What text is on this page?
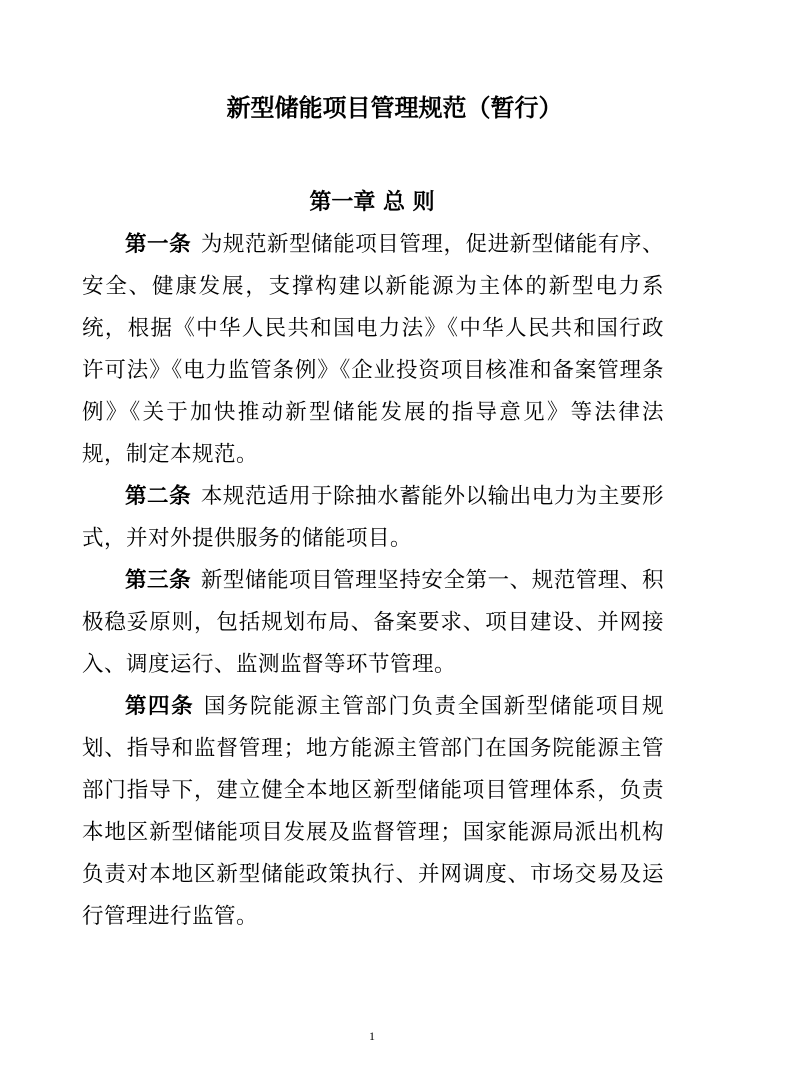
新型储能项目管理规范（暂行）
第一章 总 则

第一条 为规范新型储能项目管理，促进新型储能有序、安全、健康发展，支撑构建以新能源为主体的新型电力系统，根据《中华人民共和国电力法》《中华人民共和国行政许可法》《电力监管条例》《企业投资项目核准和备案管理条例》《关于加快推动新型储能发展的指导意见》等法律法规，制定本规范。

第二条 本规范适用于除抽水蓄能外以输出电力为主要形式，并对外提供服务的储能项目。

第三条 新型储能项目管理坚持安全第一、规范管理、积极稳妥原则，包括规划布局、备案要求、项目建设、并网接入、调度运行、监测监督等环节管理。

第四条 国务院能源主管部门负责全国新型储能项目规划、指导和监督管理；地方能源主管部门在国务院能源主管部门指导下，建立健全本地区新型储能项目管理体系，负责本地区新型储能项目发展及监督管理；国家能源局派出机构负责对本地区新型储能政策执行、并网调度、市场交易及运行管理进行监管。

1
